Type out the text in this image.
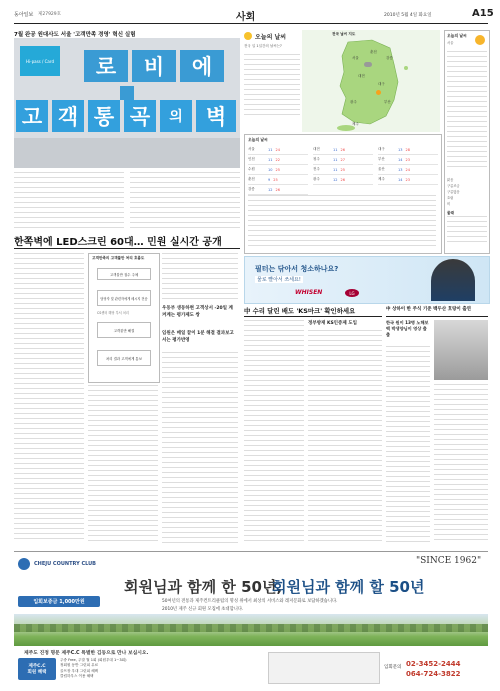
동아일보 제27929호	사회	2010년 5월 4일 화요일	A15
7월 완공 원대사도 서울 '고객만족 경영' 혁신 실험
Hi-pass / Card	로	비	에
고 객 통 곡	의	벽
한쪽벽에 LED스크린 60대… 민원 실시간 공개
고객만족의 고객불만 처리 흐름도
고객불만 접수 주체
담당자 및 관련자에게 메시지 전송
CS센터 해당 부서 처리
고객불만 해결
처리 결과 고객에게 통보
우동부 생동하현 고객상서 -20일 계 켜계는 평가제도 쌍
임원은 매일 끝이 1분 해결 결과보고서는 평가반영
오늘의 날씨
전국 일 1일간의 날씨는?
전국 날씨 지도
서울
춘천
강릉
대전
대구
광주	부산
제주
오늘의 날씨
서울	11 24
인천	11 22
수원	10 25
춘천	9 25
강릉	12 26
대전	11 26
청주	11 27
전주	11 25
광주	12 26
대구	13 28
부산	14 23
울산	13 24
제주	14 23
오늘의 날씨
서울
맑음
구름조금
구름많음
흐림
비
물때
필터는 닦아서 청소하나요?
물로 빨아서 쓰세요!
WHISEN	LG
中 수리 달린 배도 'KS마크' 확인하세요
정부방재 KS인증제 도입
中 상하이 한 주식 기준 백두산 호랑이 출연
한국 원이 13명 노해보 백 박생양님이 영상 출출
CHEJU COUNTRY CLUB	"SINCE 1962"
회원님과 함께 한 50년,
회원님과 함께 할 50년
입회보증금 1,000만원	50여년의 전통과 제주컨트리클럽의 명성 위에서 최상의 서비스와 레저문화로 보답하겠습니다.
2010년 제주 신규 회원 모집에 초대합니다.
제주도 진정 명문 제주C.C 특별한 김동으로 만나 보십시오.
제주C.C
회원 혜택
주중 Free, 주말 월 1회 (회원우대 1~3회)
정회원 동반 그린피 무료
골프장 우대 그린피 혜택
클럽하우스 이용 혜택
입회문의 02-3452-2444
064-724-3822
